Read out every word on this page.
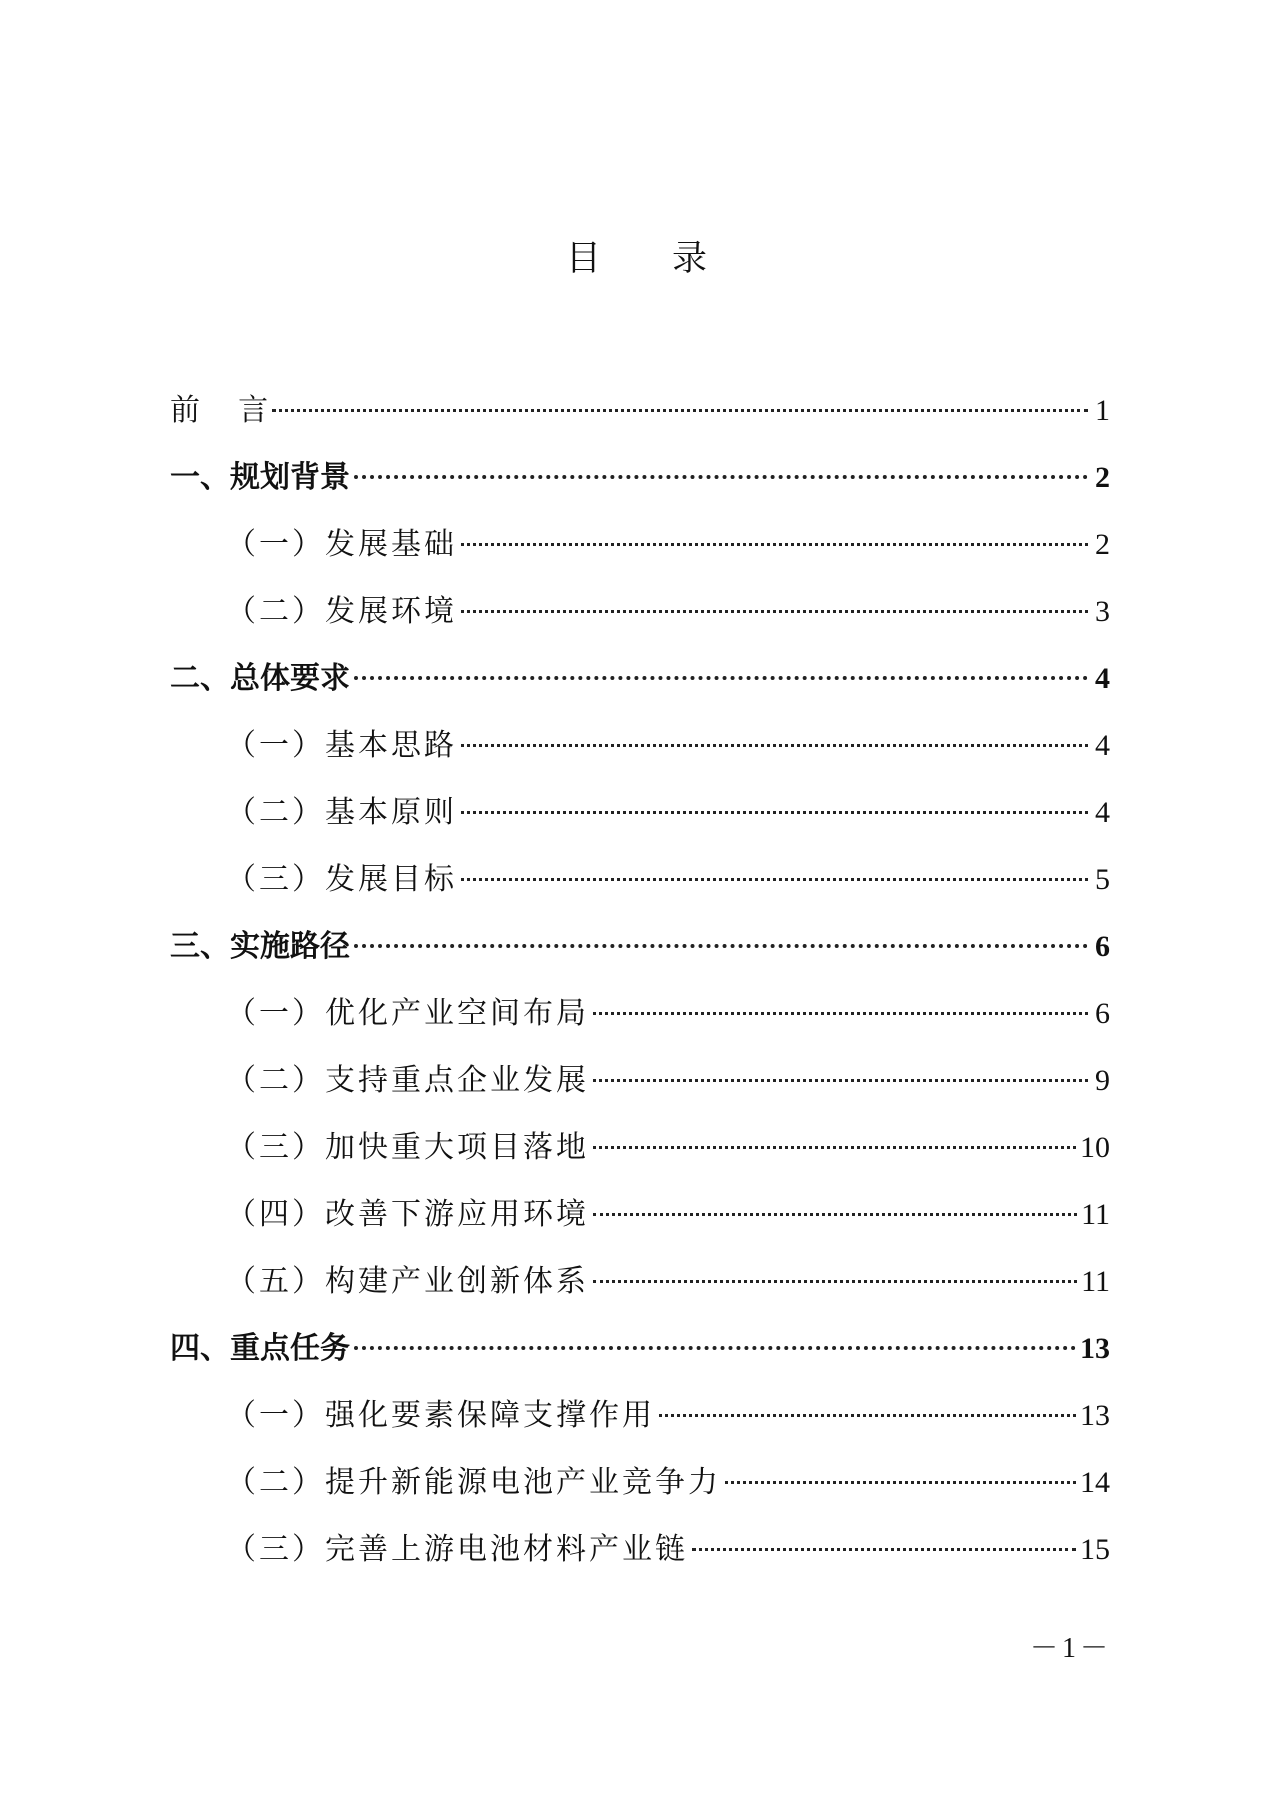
目 录
前    言	1
一、规划背景	2
（一）发展基础	2
（二）发展环境	3
二、总体要求	4
（一）基本思路	4
（二）基本原则	4
（三）发展目标	5
三、实施路径	6
（一）优化产业空间布局	6
（二）支持重点企业发展	9
（三）加快重大项目落地	10
（四）改善下游应用环境	11
（五）构建产业创新体系	11
四、重点任务	13
（一）强化要素保障支撑作用	13
（二）提升新能源电池产业竞争力	14
（三）完善上游电池材料产业链	15
－1－
